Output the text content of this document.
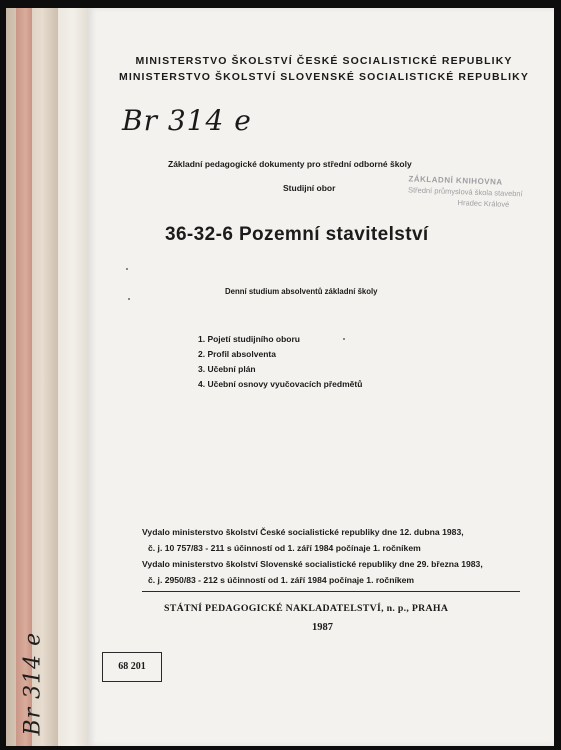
Br 314 e
MINISTERSTVO ŠKOLSTVÍ ČESKÉ SOCIALISTICKÉ REPUBLIKY
MINISTERSTVO ŠKOLSTVÍ SLOVENSKÉ SOCIALISTICKÉ REPUBLIKY
Br 314 e
Základní pedagogické dokumenty pro střední odborné školy
Studijní obor
ZÁKLADNÍ KNIHOVNA
Střední průmyslová škola stavební
Hradec Králové
36-32-6 Pozemní stavitelství
Denní studium absolventů základní školy
1. Pojetí studijního oboru
2. Profil absolventa
3. Učební plán
4. Učební osnovy vyučovacích předmětů
Vydalo ministerstvo školství České socialistické republiky dne 12. dubna 1983,
č. j. 10 757/83 - 211 s účinností od 1. září 1984 počínaje 1. ročníkem
Vydalo ministerstvo školství Slovenské socialistické republiky dne 29. března 1983,
č. j. 2950/83 - 212 s účinností od 1. září 1984 počínaje 1. ročníkem
STÁTNÍ PEDAGOGICKÉ NAKLADATELSTVÍ, n. p., PRAHA
1987
68 201
